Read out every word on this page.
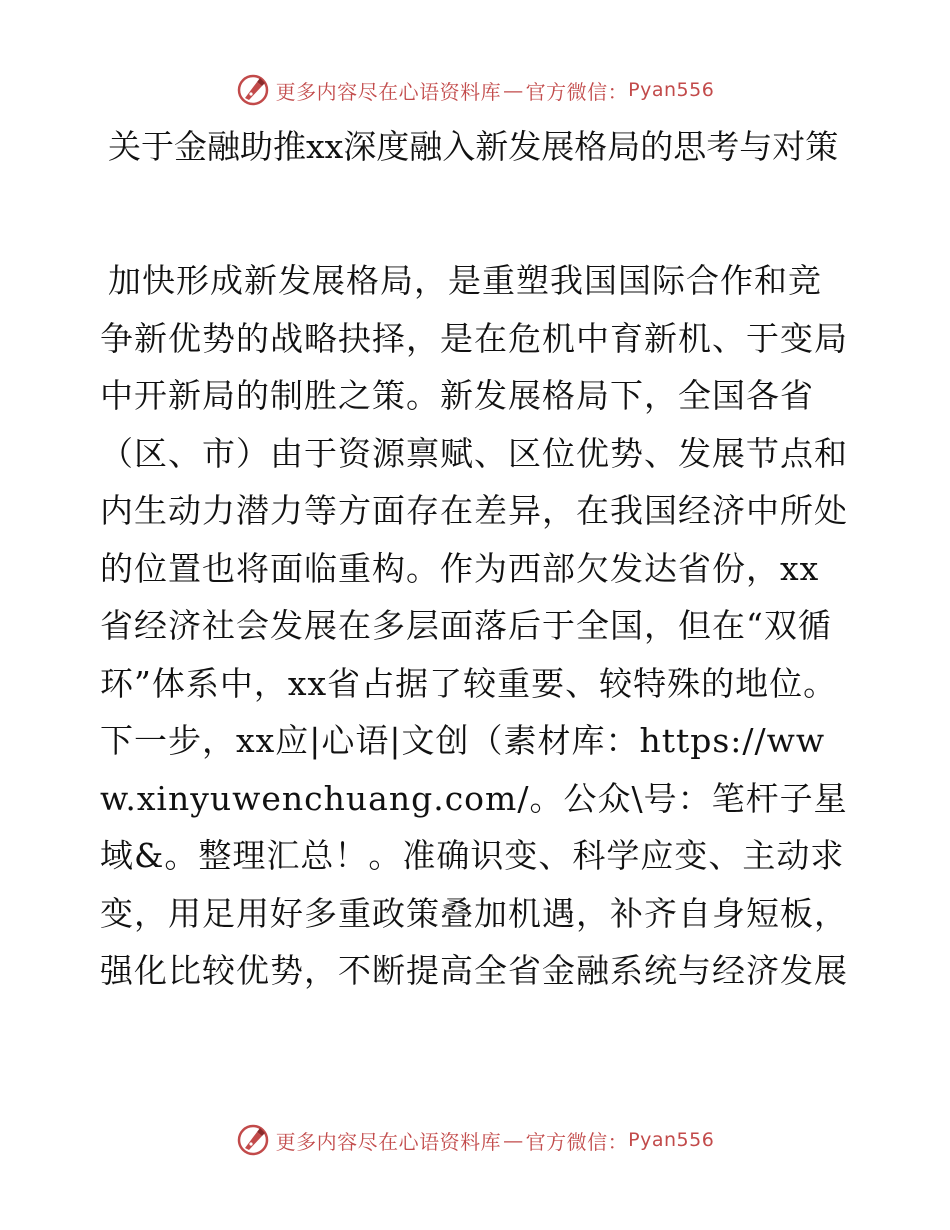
更多内容尽在心语资料库 — 官方微信： Pyan556
关于金融助推xx深度融入新发展格局的思考与对策

加快形成新发展格局，是重塑我国国际合作和竞争新优势的战略抉择，是在危机中育新机、于变局中开新局的制胜之策。新发展格局下，全国各省（区、市）由于资源禀赋、区位优势、发展节点和内生动力潜力等方面存在差异，在我国经济中所处的位置也将面临重构。作为西部欠发达省份，xx省经济社会发展在多层面落后于全国，但在“双循环”体系中，xx省占据了较重要、较特殊的地位。下一步，xx应|心语|文创（素材库：https://www.xinyuwenchuang.com/。公众\号：笔杆子星域&。整理汇总！。准确识变、科学应变、主动求变，用足用好多重政策叠加机遇，补齐自身短板，强化比较优势，不断提高全省金融系统与经济发展

更多内容尽在心语资料库 — 官方微信： Pyan556
